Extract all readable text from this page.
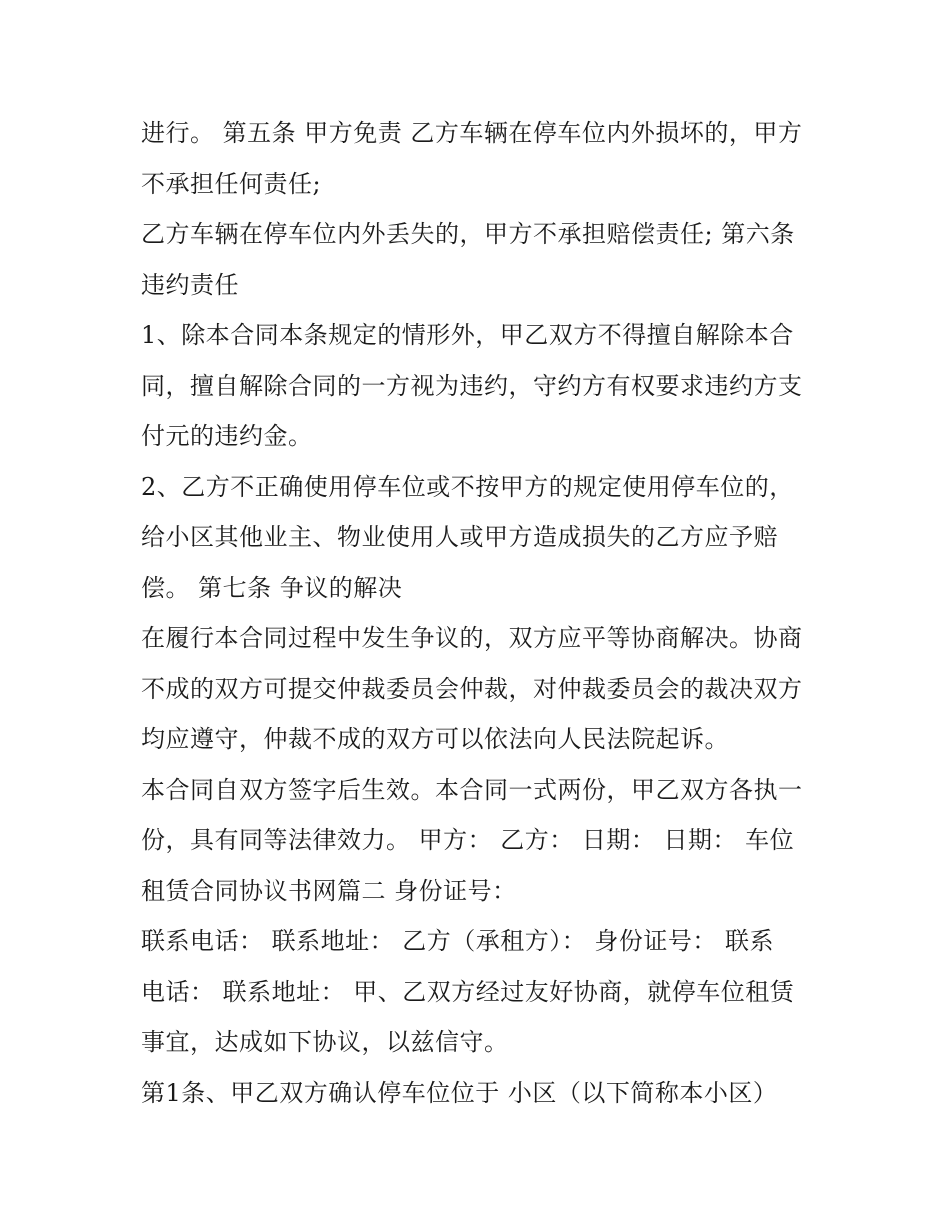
进行。 第五条 甲方免责 乙方车辆在停车位内外损坏的，甲方
不承担任何责任;
乙方车辆在停车位内外丢失的，甲方不承担赔偿责任; 第六条
违约责任
1、除本合同本条规定的情形外，甲乙双方不得擅自解除本合
同，擅自解除合同的一方视为违约，守约方有权要求违约方支
付元的违约金。
2、乙方不正确使用停车位或不按甲方的规定使用停车位的，
给小区其他业主、物业使用人或甲方造成损失的乙方应予赔
偿。 第七条 争议的解决
在履行本合同过程中发生争议的，双方应平等协商解决。协商
不成的双方可提交仲裁委员会仲裁，对仲裁委员会的裁决双方
均应遵守，仲裁不成的双方可以依法向人民法院起诉。
本合同自双方签字后生效。本合同一式两份，甲乙双方各执一
份，具有同等法律效力。 甲方： 乙方： 日期： 日期： 车位
租赁合同协议书网篇二 身份证号：
联系电话： 联系地址： 乙方（承租方）： 身份证号： 联系
电话： 联系地址： 甲、乙双方经过友好协商，就停车位租赁
事宜，达成如下协议，以兹信守。
第1条、甲乙双方确认停车位位于 小区（以下简称本小区）
